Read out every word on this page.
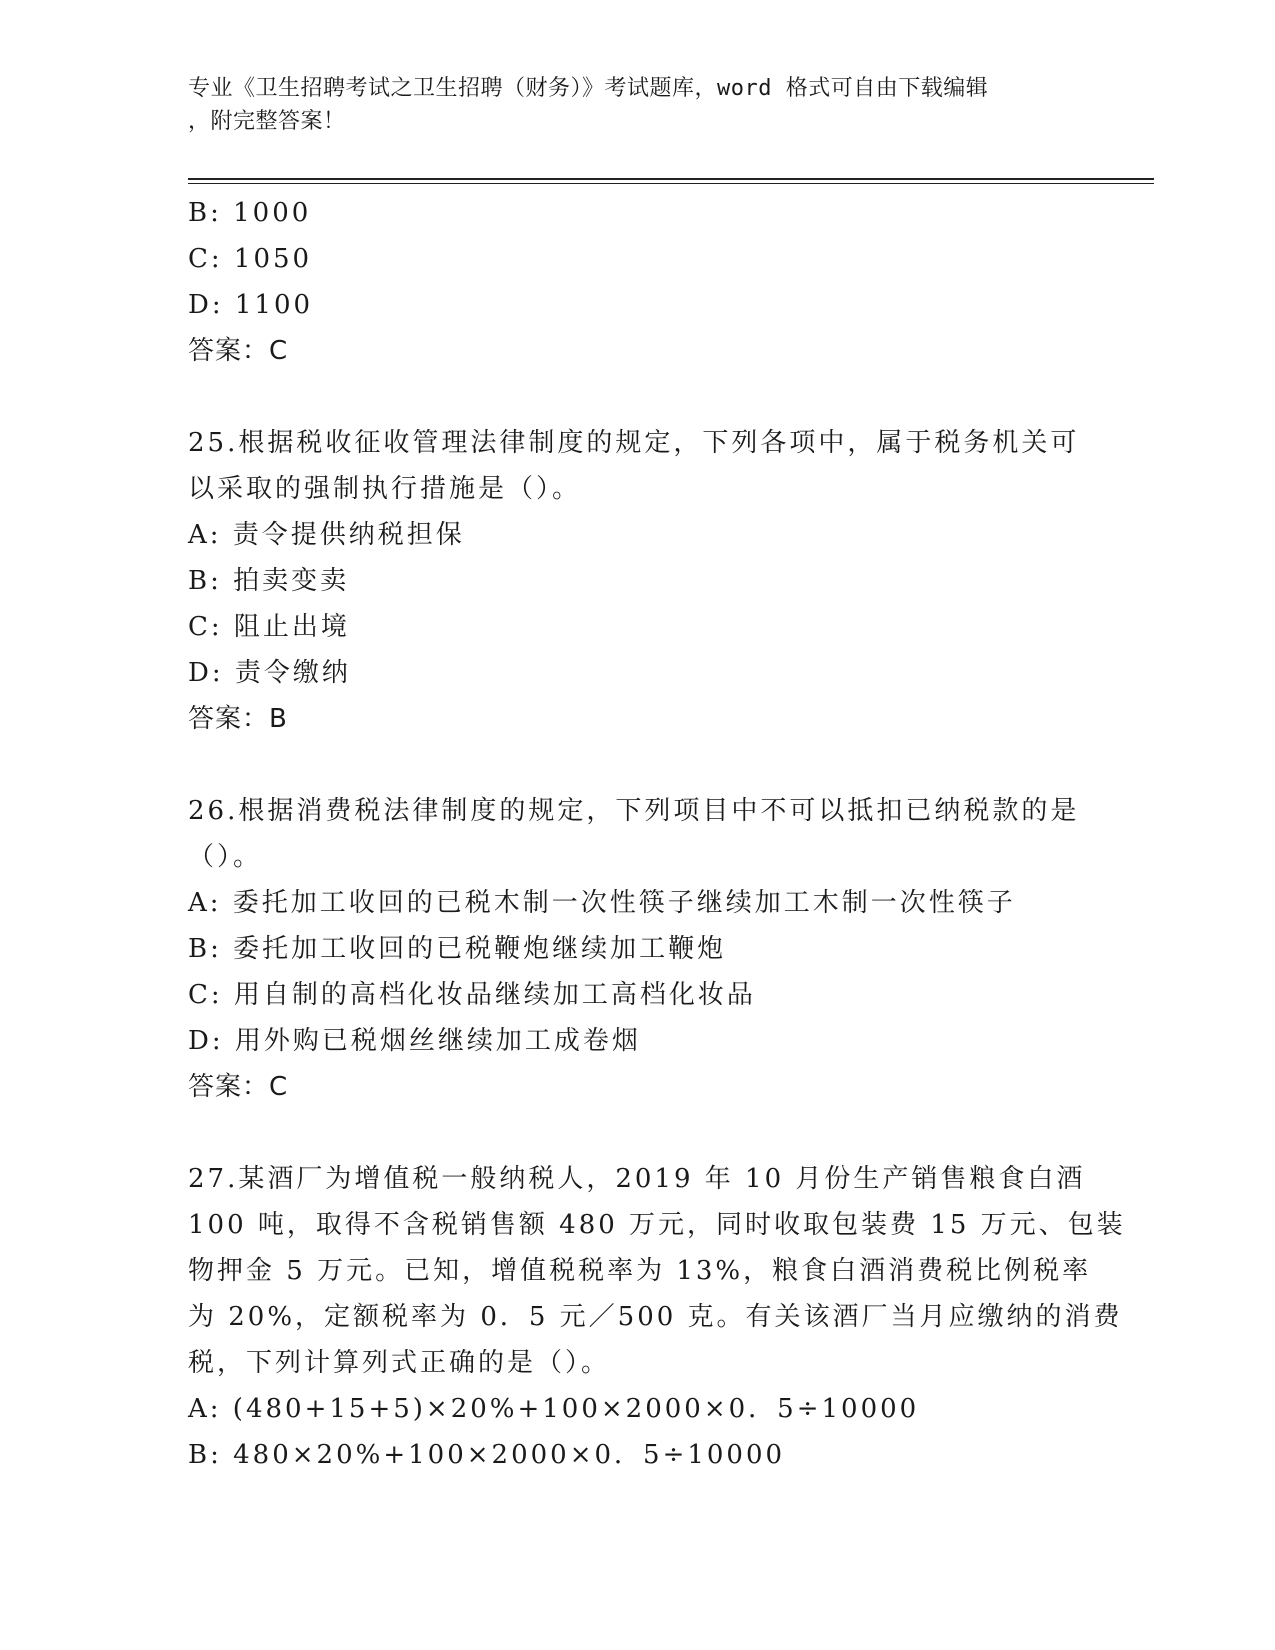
专业《卫生招聘考试之卫生招聘（财务）》考试题库，word 格式可自由下载编辑
，附完整答案！
B: 1000
C: 1050
D: 1100
答案：C
25.根据税收征收管理法律制度的规定，下列各项中，属于税务机关可
以采取的强制执行措施是（）。
A: 责令提供纳税担保
B: 拍卖变卖
C: 阻止出境
D: 责令缴纳
答案：B
26.根据消费税法律制度的规定，下列项目中不可以抵扣已纳税款的是
（）。
A: 委托加工收回的已税木制一次性筷子继续加工木制一次性筷子
B: 委托加工收回的已税鞭炮继续加工鞭炮
C: 用自制的高档化妆品继续加工高档化妆品
D: 用外购已税烟丝继续加工成卷烟
答案：C
27.某酒厂为增值税一般纳税人，2019 年 10 月份生产销售粮食白酒
100 吨，取得不含税销售额 480 万元，同时收取包装费 15 万元、包装
物押金 5 万元。已知，增值税税率为 13%，粮食白酒消费税比例税率
为 20%，定额税率为 0．5 元／500 克。有关该酒厂当月应缴纳的消费
税，下列计算列式正确的是（）。
A: (480+15+5)×20%+100×2000×0．5÷10000
B: 480×20%+100×2000×0．5÷10000
